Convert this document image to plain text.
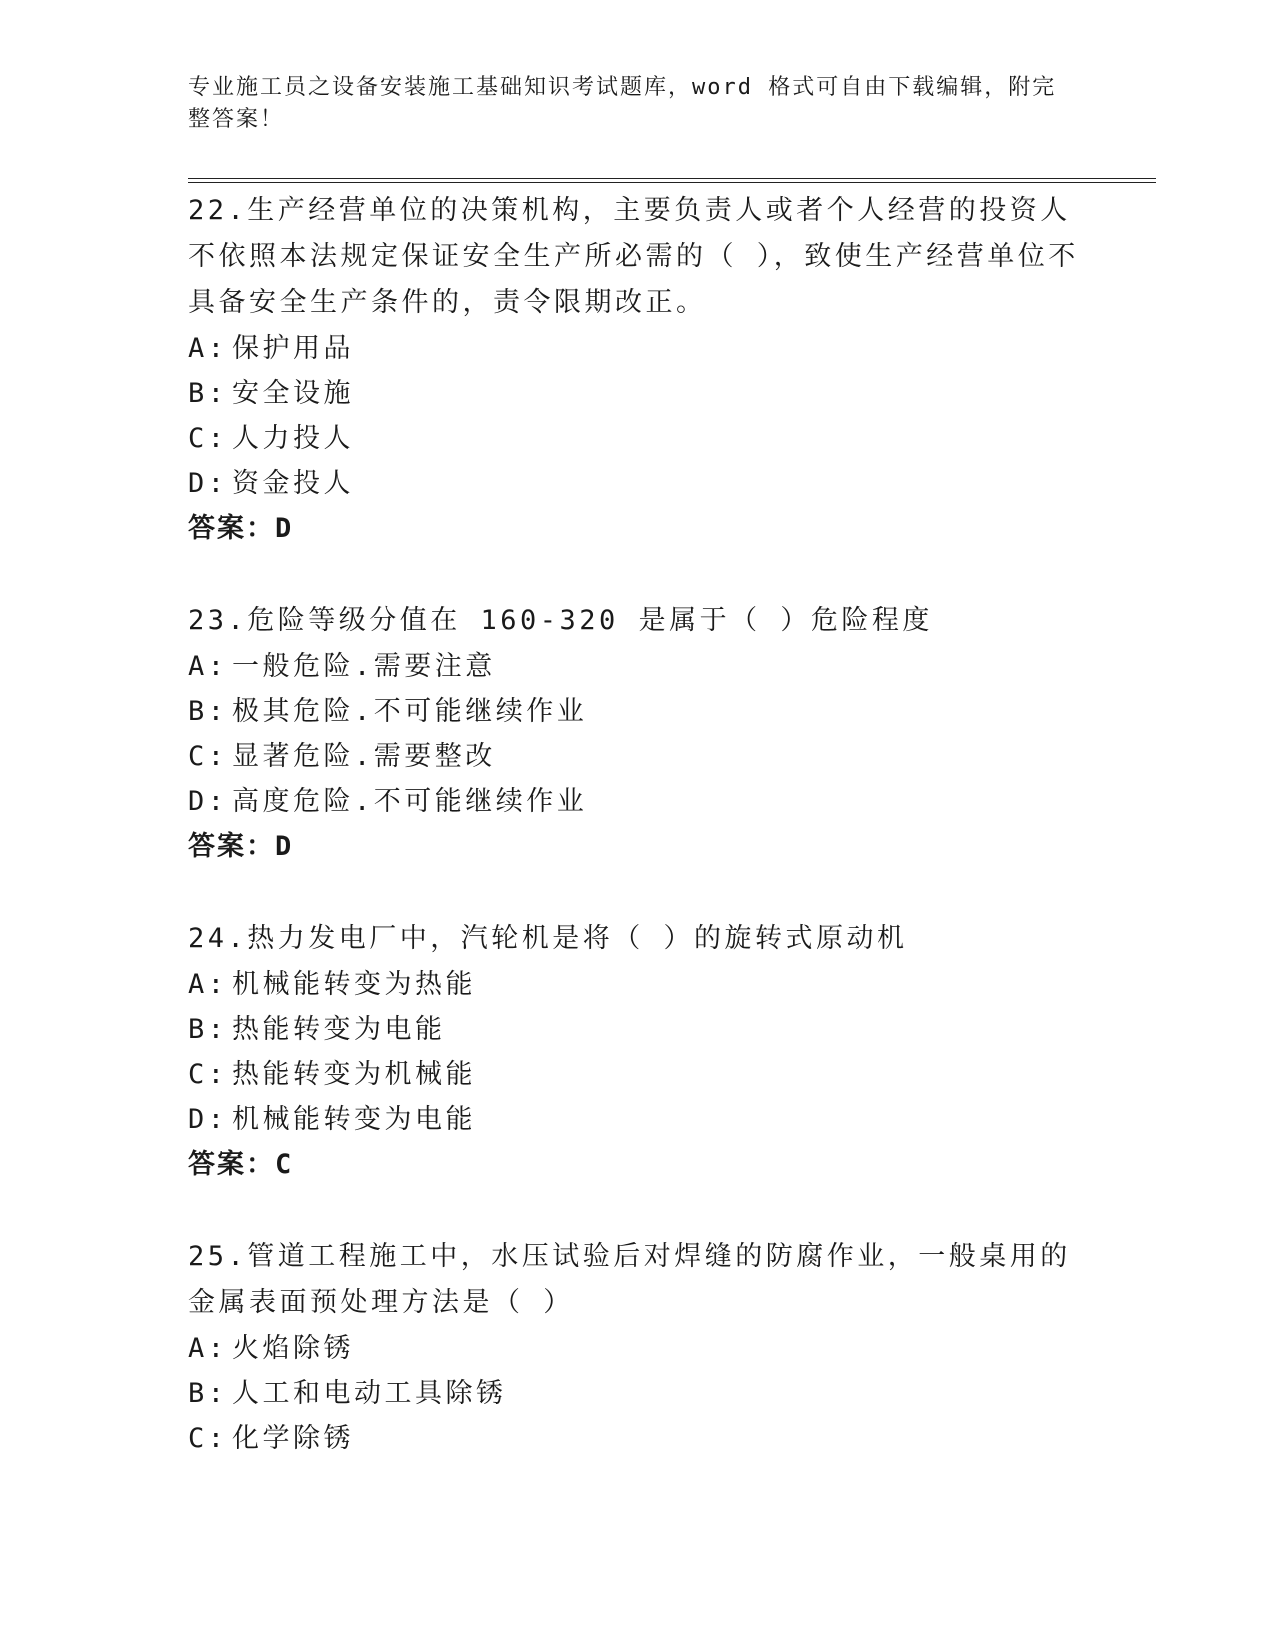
专业施工员之设备安装施工基础知识考试题库，word 格式可自由下载编辑，附完整答案！

22.生产经营单位的决策机构，主要负责人或者个人经营的投资人不依照本法规定保证安全生产所必需的（ ），致使生产经营单位不具备安全生产条件的，责令限期改正。

A: 保护用品
B: 安全设施
C: 人力投人
D: 资金投人
答案：D

23.危险等级分值在 160-320 是属于（ ）危险程度

A: 一般危险.需要注意
B: 极其危险.不可能继续作业
C: 显著危险.需要整改
D: 高度危险.不可能继续作业
答案：D

24.热力发电厂中，汽轮机是将（ ）的旋转式原动机

A: 机械能转变为热能
B: 热能转变为电能
C: 热能转变为机械能
D: 机械能转变为电能
答案：C

25.管道工程施工中，水压试验后对焊缝的防腐作业，一般桌用的金属表面预处理方法是（ ）

A: 火焰除锈
B: 人工和电动工具除锈
C: 化学除锈
